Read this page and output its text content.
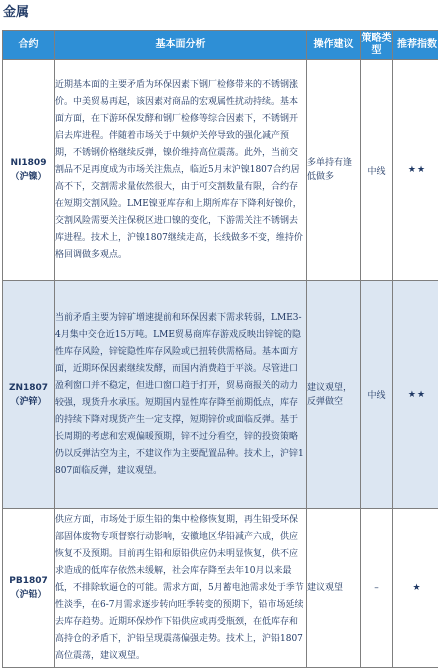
金属
合约	基本面分析	操作建议	策略类型	推荐指数

NI1809
（沪镍）	近期基本面的主要矛盾为环保因素下钢厂检修带来的不锈钢涨价。中美贸易再起，该因素对商品的宏观属性扰动持续。基本面方面，在下游环保发酵和钢厂检修等综合因素下，不锈钢开启去库进程。伴随着市场关于中频炉关停导致的强化减产预期，不锈钢价格继续反弹，镍价维持高位震荡。此外，当前交割品不足再度成为市场关注焦点，临近5月末沪镍1807合约居高不下，交割需求量依然很大，由于可交割数量有限，合约存在短期交割风险。LME镍亚库存和上期所库存下降利好镍价，交割风险需要关注保税区进口镍的变化，下游需关注不锈钢去库进程。技术上，沪镍1807继续走高，长线做多不变，维持价格回调做多观点。	多单持有逢低做多	中线	★★

ZN1807
（沪锌）	当前矛盾主要为锌矿增速提前和环保因素下需求转弱，LME3-4月集中交仓近15万吨。LME贸易商库存游戏反映出锌锭的隐性库存风险，锌锭隐性库存风险或已扭转供需格局。基本面方面，近期环保因素继续发酵，而国内消费趋于平淡。尽管进口盈利窗口并不稳定，但进口窗口趋于打开，贸易商报关的动力较强，现货升水承压。短期国内显性库存降至前期低点，库存的持续下降对现货产生一定支撑，短期锌价或面临反弹。基于长周期的考虑和宏观偏暖预期，锌不过分看空，锌的投资策略仍以反弹沽空为主，不建议作为主要配置品种。技术上，沪锌1807面临反弹，建议观望。	建议观望，反弹做空	中线	★★

PB1807
（沪铅）	供应方面，市场处于原生铅的集中检修恢复期，再生铅受环保部固体废物专项督察行动影响，安徽地区华铅减产六成，供应恢复不及预期。目前再生铅和原铅供应仍未明显恢复，供不应求造成的低库存依然未缓解，社会库存降至去年10月以来最低，不排除软逼仓的可能。需求方面，5月蓄电池需求处于季节性淡季，在6-7月需求逐步转向旺季转变的预期下，铅市场延续去库存趋势。近期环保炒作下铅供应或再受瓶颈，在低库存和高持仓的矛盾下，沪铅呈现震荡偏强走势。技术上，沪铅1807高位震荡，建议观望。	建议观望	–	★
